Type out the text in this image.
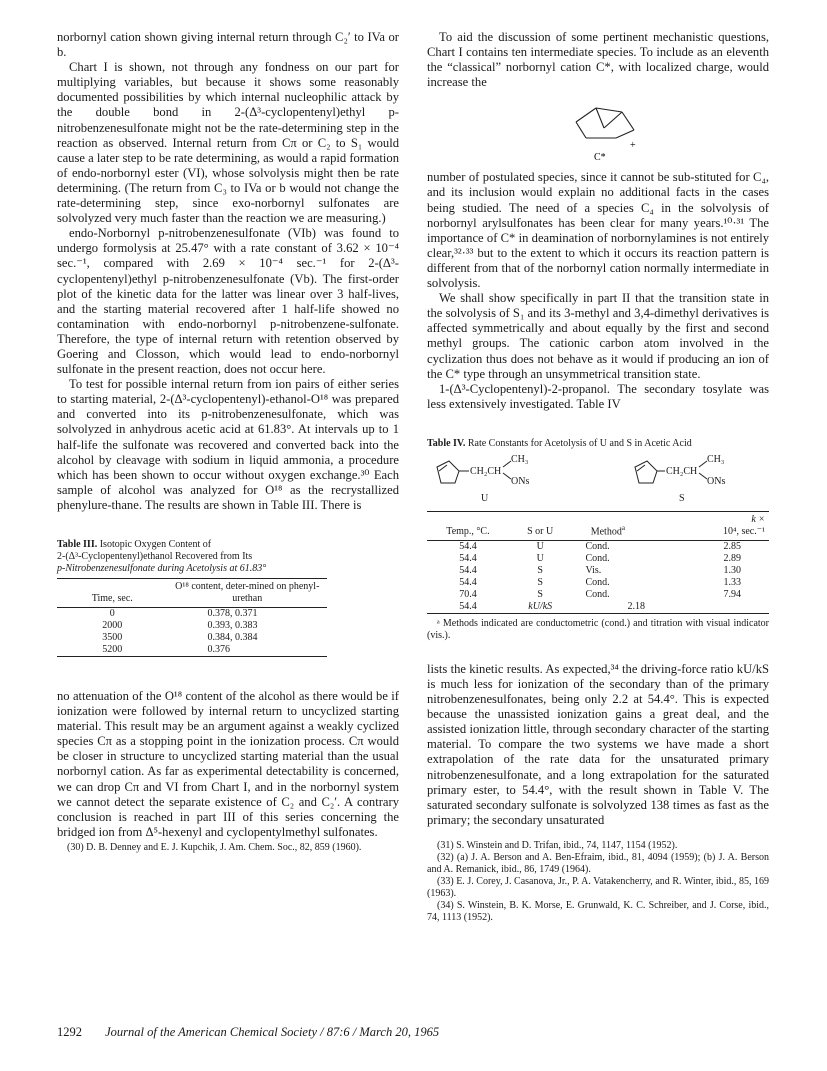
norbornyl cation shown giving internal return through C₂′ to IVa or b.

Chart I is shown, not through any fondness on our part for multiplying variables, but because it shows some reasonably documented possibilities by which internal nucleophilic attack by the double bond in 2-(Δ³-cyclopentenyl)ethyl p-nitrobenzenesulfonate might not be the rate-determining step in the reaction as observed. Internal return from Cπ or C₂ to S₁ would cause a later step to be rate determining, as would a rapid formation of endo-norbornyl ester (VI), whose solvolysis might then be rate determining. (The return from C₃ to IVa or b would not change the rate-determining step, since exo-norbornyl sulfonates are solvolyzed very much faster than the reaction we are measuring.)

endo-Norbornyl p-nitrobenzenesulfonate (VIb) was found to undergo formolysis at 25.47° with a rate constant of 3.62 × 10⁻⁴ sec.⁻¹, compared with 2.69 × 10⁻⁴ sec.⁻¹ for 2-(Δ³-cyclopentenyl)ethyl p-nitrobenzenesulfonate (Vb). The first-order plot of the kinetic data for the latter was linear over 3 half-lives, and the starting material recovered after 1 half-life showed no contamination with endo-norbornyl p-nitrobenzene-sulfonate. Therefore, the type of internal return with retention observed by Goering and Closson, which would lead to endo-norbornyl sulfonate in the present reaction, does not occur here.

To test for possible internal return from ion pairs of either series to starting material, 2-(Δ³-cyclopentenyl)-ethanol-O¹⁸ was prepared and converted into its p-nitrobenzenesulfonate, which was solvolyzed in anhydrous acetic acid at 61.83°. At intervals up to 1 half-life the sulfonate was recovered and converted back into the alcohol by cleavage with sodium in liquid ammonia, a procedure which has been shown to occur without oxygen exchange.³⁰ Each sample of alcohol was analyzed for O¹⁸ as the recrystallized phenylure-thane. The results are shown in Table III. There is

Table III. Isotopic Oxygen Content of
2-(Δ³-Cyclopentenyl)ethanol Recovered from Its
p-Nitrobenzenesulfonate during Acetolysis at 61.83°

Time, sec.	O¹⁸ content, deter-mined on phenyl-urethan
0	0.378, 0.371
2000	0.393, 0.383
3500	0.384, 0.384
5200	0.376

no attenuation of the O¹⁸ content of the alcohol as there would be if ionization were followed by internal return to uncyclized starting material. This result may be an argument against a weakly cyclized species Cπ as a stopping point in the ionization process. Cπ would be closer in structure to uncyclized starting material than the usual norbornyl cation. As far as experimental detectability is concerned, we can drop Cπ and VI from Chart I, and in the norbornyl system we cannot detect the separate existence of C₂ and C₂′. A contrary conclusion is reached in part III of this series concerning the bridged ion from Δ⁵-hexenyl and cyclopentylmethyl sulfonates.

(30) D. B. Denney and E. J. Kupchik, J. Am. Chem. Soc., 82, 859 (1960).

To aid the discussion of some pertinent mechanistic questions, Chart I contains ten intermediate species. To include as an eleventh the “classical” norbornyl cation C*, with localized charge, would increase the

+
C*

number of postulated species, since it cannot be sub-stituted for C₄, and its inclusion would explain no additional facts in the cases being studied. The need of a species C₄ in the solvolysis of norbornyl arylsulfonates has been clear for many years.¹⁰·³¹ The importance of C* in deamination of norbornylamines is not entirely clear,³²·³³ but to the extent to which it occurs its reaction pattern is different from that of the norbornyl cation normally intermediate in solvolysis.

We shall show specifically in part II that the transition state in the solvolysis of S₁ and its 3-methyl and 3,4-dimethyl derivatives is affected symmetrically and about equally by the first and second methyl groups. The cationic carbon atom involved in the cyclization thus does not behave as it would if producing an ion of the C* type through an unsymmetrical transition state.

1-(Δ³-Cyclopentenyl)-2-propanol. The secondary tosylate was less extensively investigated. Table IV

Table IV. Rate Constants for Acetolysis of U and S in Acetic Acid

CH₂CH
CH₃
ONs
U
CH₂CH
CH₃
ONs
S
Temp., °C.	S or U	Method$^a$	k ×
10⁴, sec.⁻¹
54.4	U	Cond.	2.85
54.4	U	Cond.	2.89
54.4	S	Vis.	1.30
54.4	S	Cond.	1.33
70.4	S	Cond.	7.94
54.4	kU/kS	2.18	

ᵃ Methods indicated are conductometric (cond.) and titration with visual indicator (vis.).

lists the kinetic results. As expected,³⁴ the driving-force ratio kU/kS is much less for ionization of the secondary than of the primary nitrobenzenesulfonates, being only 2.2 at 54.4°. This is expected because the unassisted ionization gains a great deal, and the assisted ionization little, through secondary character of the starting material. To compare the two systems we have made a short extrapolation of the rate data for the unsaturated primary nitrobenzenesulfonate, and a long extrapolation for the saturated primary ester, to 54.4°, with the result shown in Table V. The saturated secondary sulfonate is solvolyzed 138 times as fast as the primary; the secondary unsaturated

(31) S. Winstein and D. Trifan, ibid., 74, 1147, 1154 (1952).

(32) (a) J. A. Berson and A. Ben-Efraim, ibid., 81, 4094 (1959); (b) J. A. Berson and A. Remanick, ibid., 86, 1749 (1964).

(33) E. J. Corey, J. Casanova, Jr., P. A. Vatakencherry, and R. Winter, ibid., 85, 169 (1963).

(34) S. Winstein, B. K. Morse, E. Grunwald, K. C. Schreiber, and J. Corse, ibid., 74, 1113 (1952).

1292 Journal of the American Chemical Society / 87:6 / March 20, 1965
